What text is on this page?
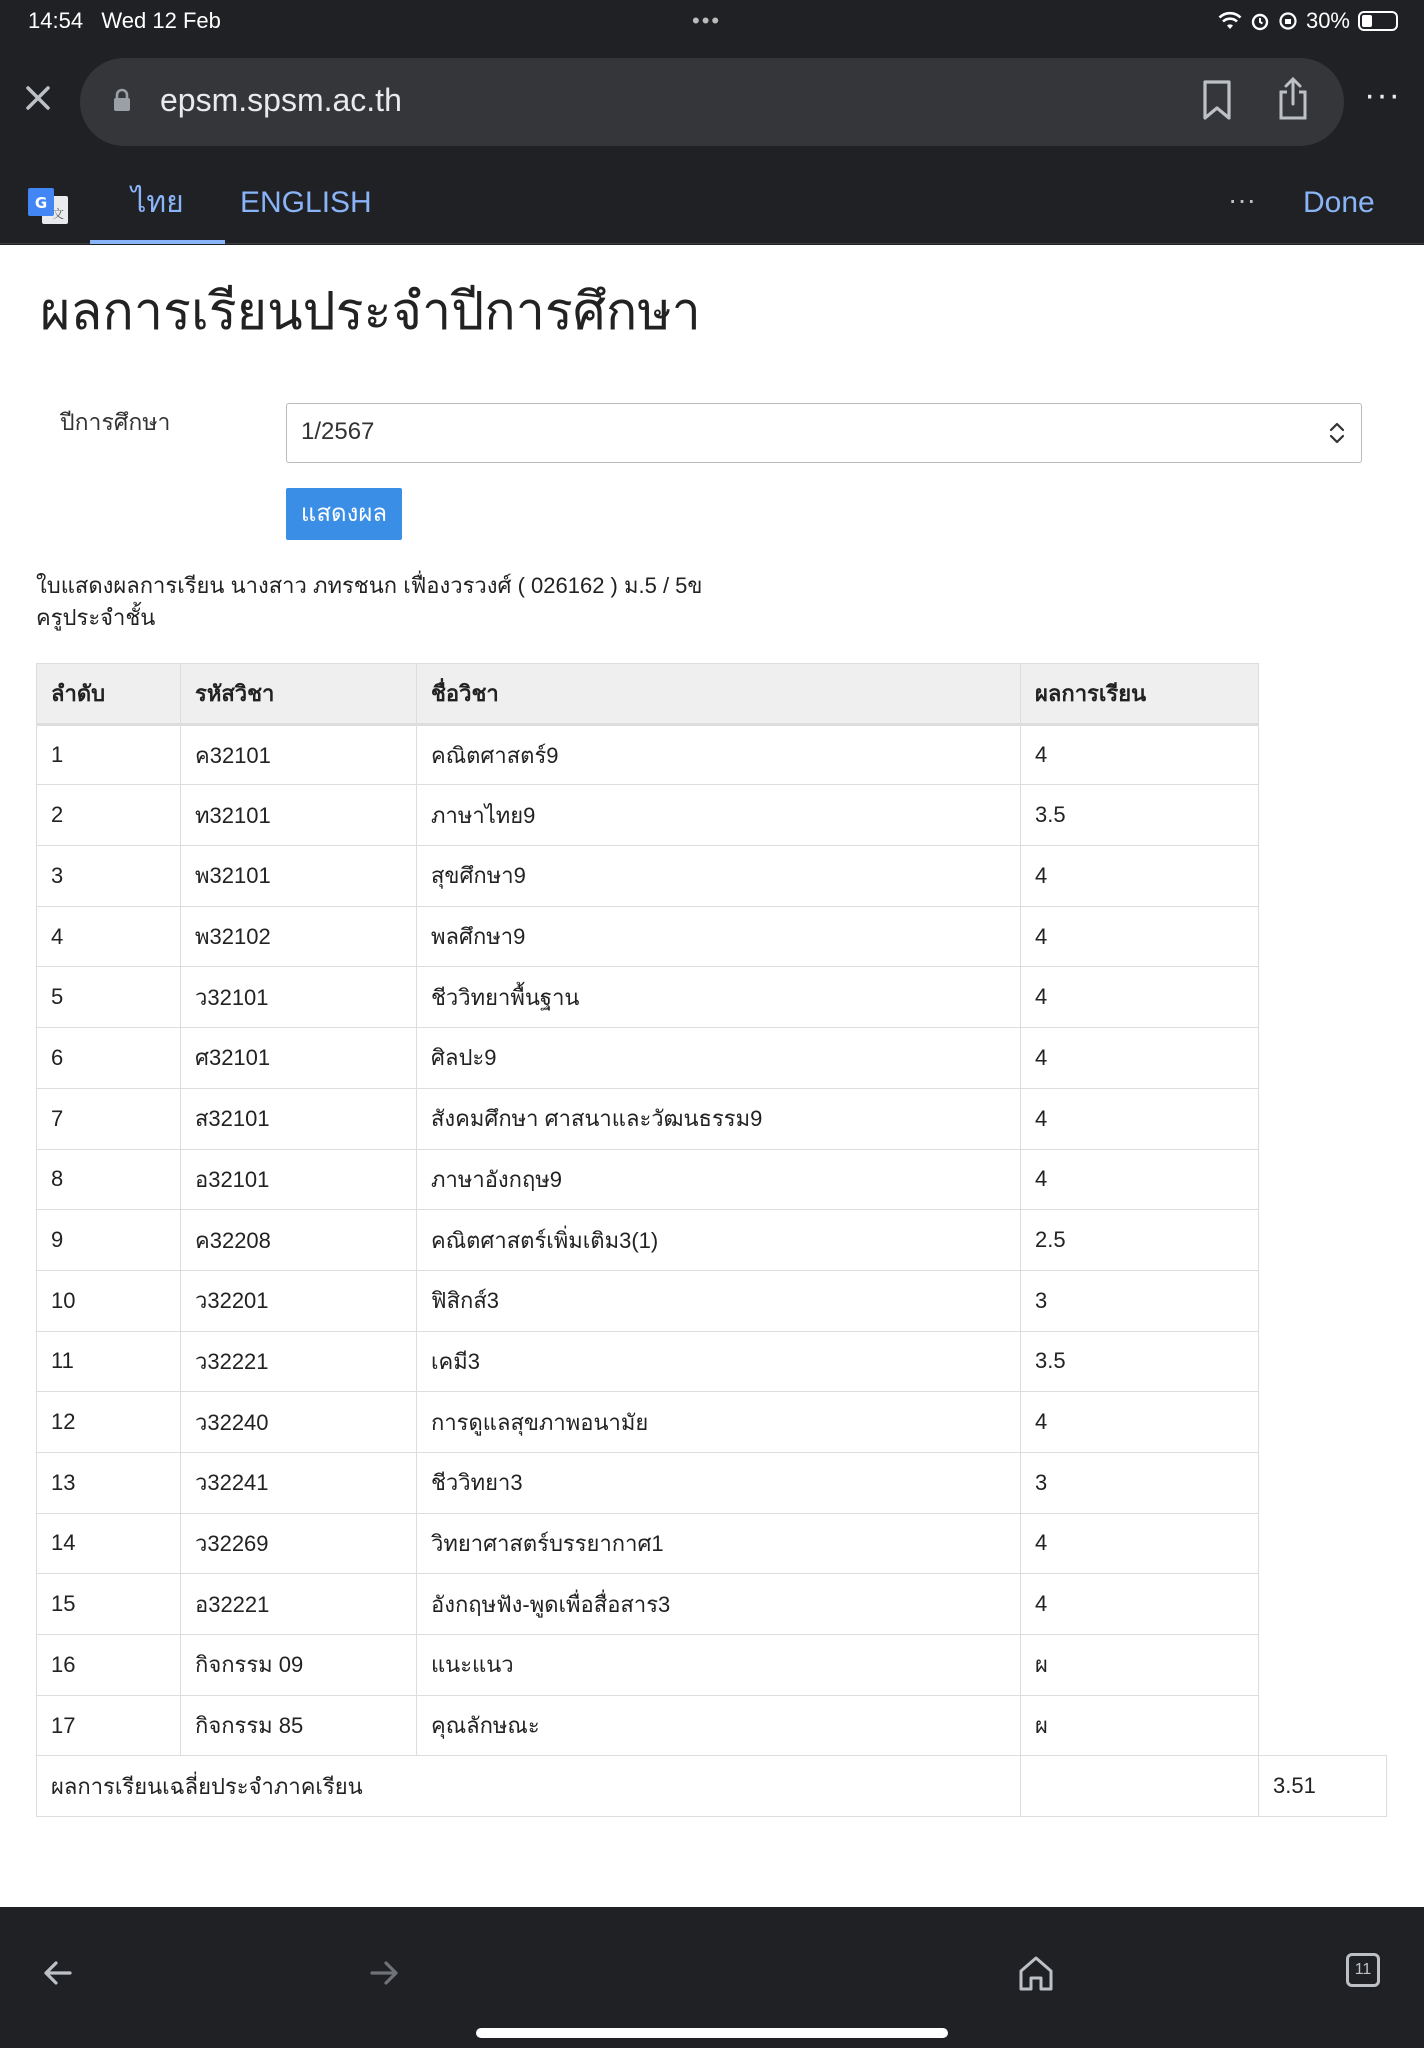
14:54 Wed 12 Feb	•••	30%
epsm.spsm.ac.th	···
G
文	ไทย	ENGLISH	··· Done
ผลการเรียนประจำปีการศึกษา
ปีการศึกษา	1/2567
แสดงผล
ใบแสดงผลการเรียน นางสาว ภทรชนก เฟื่องวรวงศ์ ( 026162 ) ม.5 / 5ข
ครูประจำชั้น
ลำดับ	รหัสวิชา	ชื่อวิชา	ผลการเรียน	
1	ค32101	คณิตศาสตร์9	4	
2	ท32101	ภาษาไทย9	3.5	
3	พ32101	สุขศึกษา9	4	
4	พ32102	พลศึกษา9	4	
5	ว32101	ชีววิทยาพื้นฐาน	4	
6	ศ32101	ศิลปะ9	4	
7	ส32101	สังคมศึกษา ศาสนาและวัฒนธรรม9	4	
8	อ32101	ภาษาอังกฤษ9	4	
9	ค32208	คณิตศาสตร์เพิ่มเติม3(1)	2.5	
10	ว32201	ฟิสิกส์3	3	
11	ว32221	เคมี3	3.5	
12	ว32240	การดูแลสุขภาพอนามัย	4	
13	ว32241	ชีววิทยา3	3	
14	ว32269	วิทยาศาสตร์บรรยากาศ1	4	
15	อ32221	อังกฤษฟัง-พูดเพื่อสื่อสาร3	4	
16	กิจกรรม 09	แนะแนว	ผ	
17	กิจกรรม 85	คุณลักษณะ	ผ	
ผลการเรียนเฉลี่ยประจำภาคเรียน				3.51
11
